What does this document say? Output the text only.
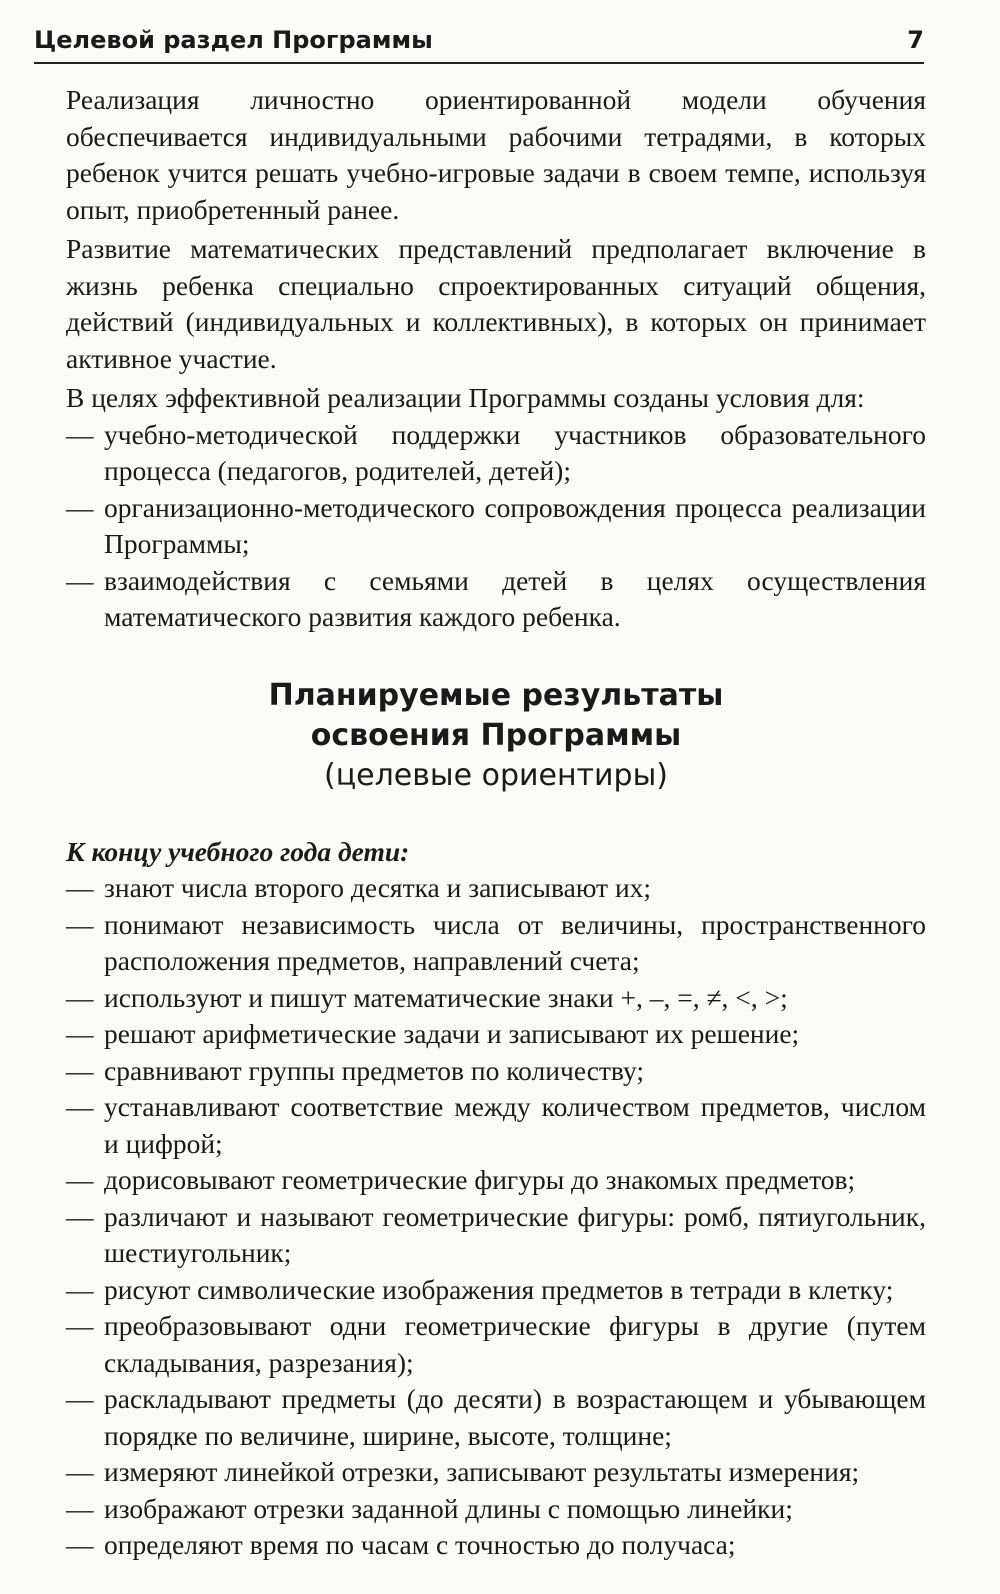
Целевой раздел Программы	7

Реализация личностно ориентированной модели обучения обеспечивается индивидуальными рабочими тетрадями, в которых ребенок учится решать учебно-игровые задачи в своем темпе, используя опыт, приобретенный ранее.

Развитие математических представлений предполагает включение в жизнь ребенка специально спроектированных ситуаций общения, действий (индивидуальных и коллективных), в которых он принимает активное участие.

В целях эффективной реализации Программы созданы условия для:

— учебно-методической поддержки участников образовательного процесса (педагогов, родителей, детей);
— организационно-методического сопровождения процесса реализации Программы;
— взаимодействия с семьями детей в целях осуществления математического развития каждого ребенка.
Планируемые результаты
освоения Программы
(целевые ориентиры)

К концу учебного года дети:

— знают числа второго десятка и записывают их;
— понимают независимость числа от величины, пространственного расположения предметов, направлений счета;
— используют и пишут математические знаки +, –, =, ≠, <, >;
— решают арифметические задачи и записывают их решение;
— сравнивают группы предметов по количеству;
— устанавливают соответствие между количеством предметов, числом и цифрой;
— дорисовывают геометрические фигуры до знакомых предметов;
— различают и называют геометрические фигуры: ромб, пятиугольник, шестиугольник;
— рисуют символические изображения предметов в тетради в клетку;
— преобразовывают одни геометрические фигуры в другие (путем складывания, разрезания);
— раскладывают предметы (до десяти) в возрастающем и убывающем порядке по величине, ширине, высоте, толщине;
— измеряют линейкой отрезки, записывают результаты измерения;
— изображают отрезки заданной длины с помощью линейки;
— определяют время по часам с точностью до получаса;
